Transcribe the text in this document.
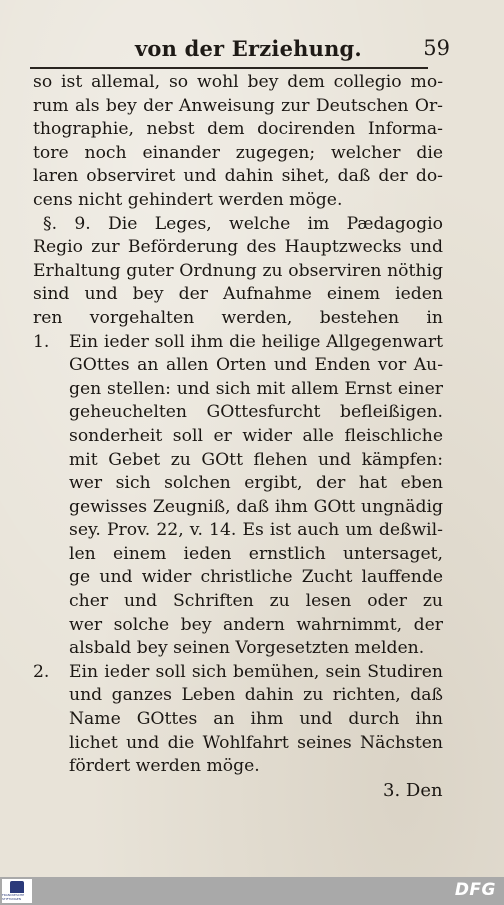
von der Erziehung.	59
so ist allemal, so wohl bey dem collegio mo-
rum als bey der Anweisung zur Deutschen Or-
thographie, nebst dem docirenden Informa-
tore noch einander zugegen; welcher die
laren observiret und dahin sihet, daß der do-
cens nicht gehindert werden möge.
§. 9. Die Leges, welche im Pædagogio
Regio zur Beförderung des Hauptzwecks und
Erhaltung guter Ordnung zu observiren nöthig
sind und bey der Aufnahme einem ieden
ren vorgehalten werden, bestehen in
1.	Ein ieder soll ihm die heilige Allgegenwart
GOttes an allen Orten und Enden vor Au-
gen stellen: und sich mit allem Ernst einer
geheuchelten GOttesfurcht befleißigen.
sonderheit soll er wider alle fleischliche
mit Gebet zu GOtt flehen und kämpfen:
wer sich solchen ergibt, der hat eben
gewisses Zeugniß, daß ihm GOtt ungnädig
sey. Prov. 22, v. 14. Es ist auch um deßwil-
len einem ieden ernstlich untersaget,
ge und wider christliche Zucht lauffende
cher und Schriften zu lesen oder zu
wer solche bey andern wahrnimmt, der
alsbald bey seinen Vorgesetzten melden.
2.	Ein ieder soll sich bemühen, sein Studiren
und ganzes Leben dahin zu richten, daß
Name GOttes an ihm und durch ihn
lichet und die Wohlfahrt seines Nächsten
fördert werden möge.
3. Den
FRANCKESCHE STIFTUNGEN	DFG
